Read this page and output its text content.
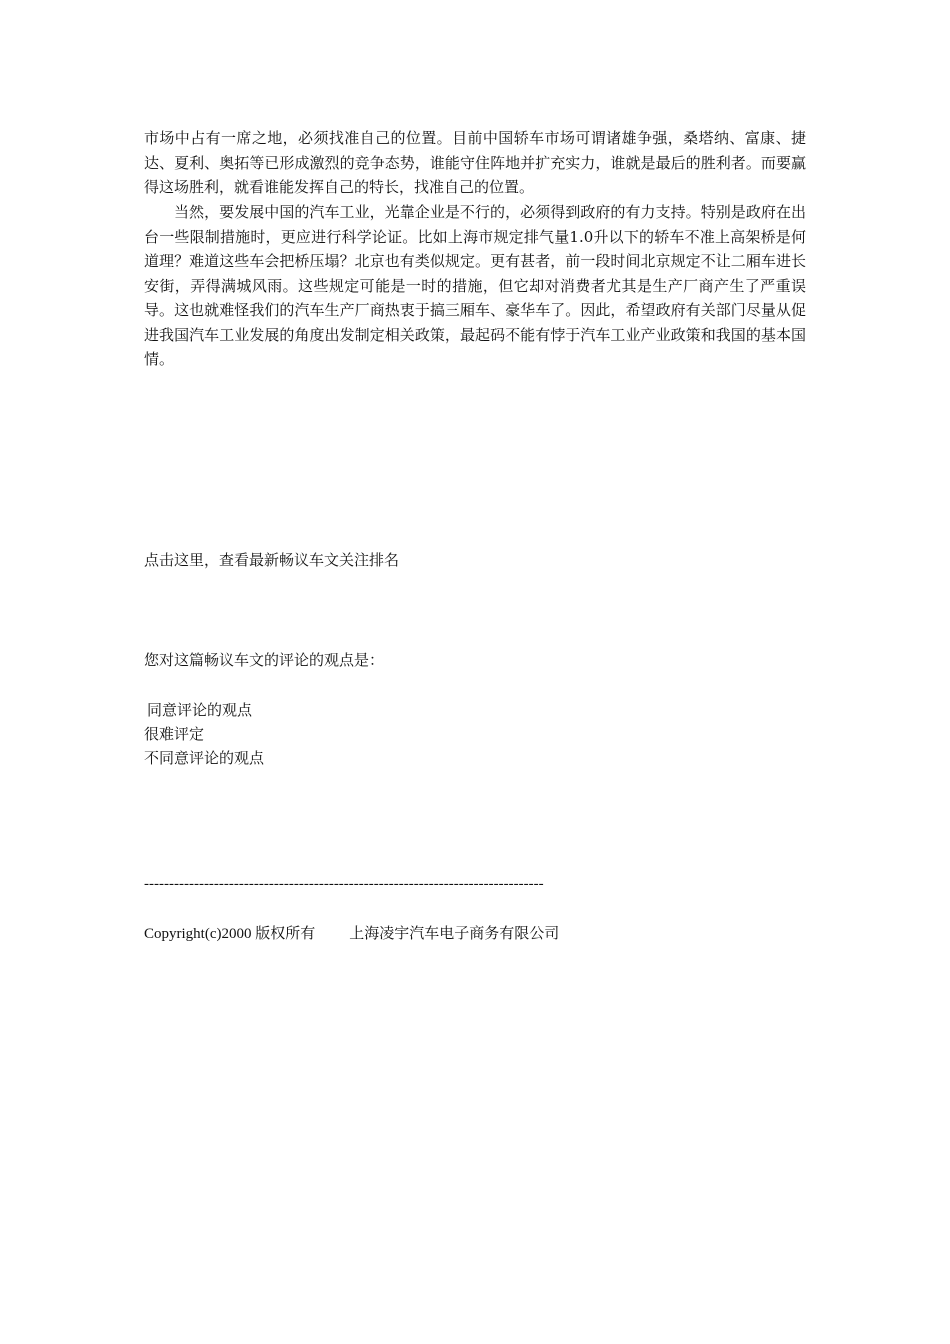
市场中占有一席之地，必须找准自己的位置。目前中国轿车市场可谓诸雄争强，桑塔纳、富康、捷达、夏利、奥拓等已形成激烈的竞争态势，谁能守住阵地并扩充实力，谁就是最后的胜利者。而要赢得这场胜利，就看谁能发挥自己的特长，找准自己的位置。
当然，要发展中国的汽车工业，光靠企业是不行的，必须得到政府的有力支持。特别是政府在出台一些限制措施时，更应进行科学论证。比如上海市规定排气量1.0升以下的轿车不准上高架桥是何道理？难道这些车会把桥压塌？北京也有类似规定。更有甚者，前一段时间北京规定不让二厢车进长安街，弄得满城风雨。这些规定可能是一时的措施，但它却对消费者尤其是生产厂商产生了严重误导。这也就难怪我们的汽车生产厂商热衷于搞三厢车、豪华车了。因此，希望政府有关部门尽量从促进我国汽车工业发展的角度出发制定相关政策，最起码不能有悖于汽车工业产业政策和我国的基本国情。
点击这里，查看最新畅议车文关注排名
您对这篇畅议车文的评论的观点是：
同意评论的观点
很难评定
不同意评论的观点
--------------------------------------------------------------------------------
Copyright(c)2000 版权所有 上海凌宇汽车电子商务有限公司
